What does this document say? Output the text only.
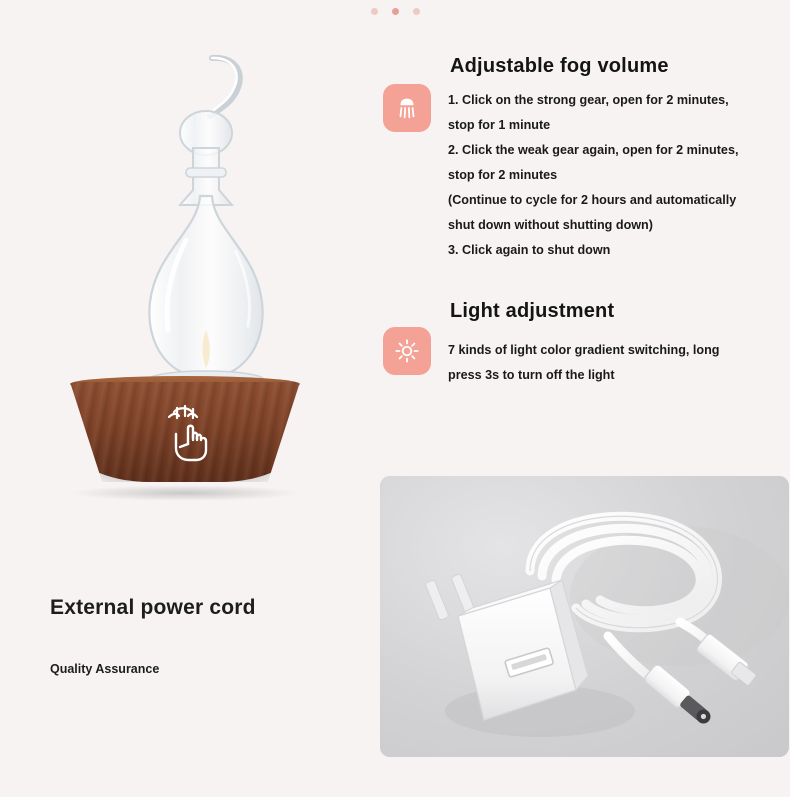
External power cord
Quality Assurance
Adjustable fog volume

1. Click on the strong gear, open for 2 minutes,

stop for 1 minute

2. Click the weak gear again, open for 2 minutes,

stop for 2 minutes

(Continue to cycle for 2 hours and automatically

shut down without shutting down)

3. Click again to shut down

Light adjustment

7 kinds of light color gradient switching, long

press 3s to turn off the light
